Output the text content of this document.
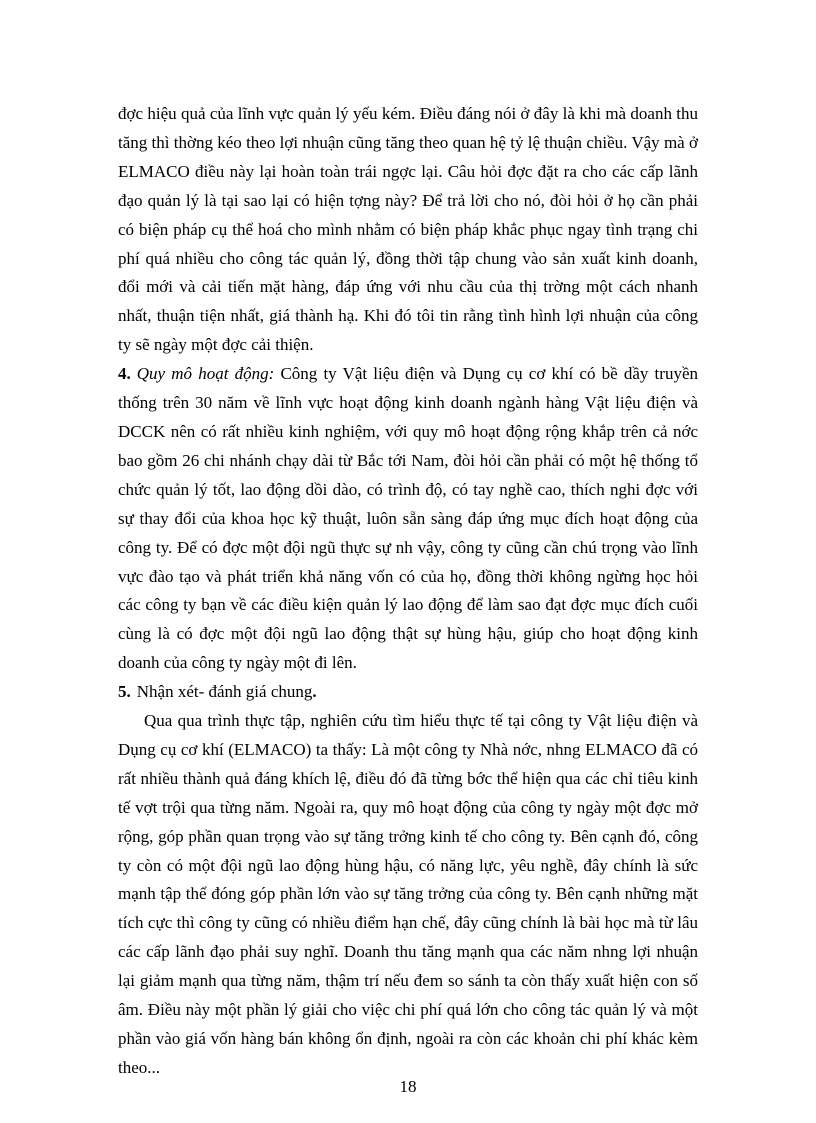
đợc hiệu quả của lĩnh vực quản lý yếu kém. Điều đáng nói ở đây là khi mà doanh thu tăng thì thờng kéo theo lợi nhuận cũng tăng theo quan hệ tỷ lệ thuận chiều. Vậy mà ở ELMACO điều này lại hoàn toàn trái ngợc lại. Câu hỏi đợc đặt ra cho các cấp lãnh đạo quản lý là tại sao lại có hiện tợng này? Để trả lời cho nó, đòi hỏi ở họ cần phải có biện pháp cụ thể hoá cho mình nhằm có biện pháp khắc phục ngay tình trạng chi phí quá nhiều cho công tác quản lý, đồng thời tập chung vào sản xuất kinh doanh, đổi mới và cải tiến mặt hàng, đáp ứng với nhu cầu của thị trờng một cách nhanh nhất, thuận tiện nhất, giá thành hạ. Khi đó tôi tin rằng tình hình lợi nhuận của công ty sẽ ngày một đợc cải thiện.

4. Quy mô hoạt động: Công ty Vật liệu điện và Dụng cụ cơ khí có bề dầy truyền thống trên 30 năm về lĩnh vực hoạt động kinh doanh ngành hàng Vật liệu điện và DCCK nên có rất nhiều kinh nghiệm, với quy mô hoạt động rộng khắp trên cả nớc bao gồm 26 chi nhánh chạy dài từ Bắc tới Nam, đòi hỏi cần phải có một hệ thống tổ chức quản lý tốt, lao động dồi dào, có trình độ, có tay nghề cao, thích nghi đợc với sự thay đổi của khoa học kỹ thuật, luôn sẵn sàng đáp ứng mục đích hoạt động của công ty. Để có đợc một đội ngũ thực sự nh vậy, công ty cũng cần chú trọng vào lĩnh vực đào tạo và phát triển khả năng vốn có của họ, đồng thời không ngừng học hỏi các công ty bạn về các điều kiện quản lý lao động để làm sao đạt đợc mục đích cuối cùng là có đợc một đội ngũ lao động thật sự hùng hậu, giúp cho hoạt động kinh doanh của công ty ngày một đi lên.

5. Nhận xét- đánh giá chung.

Qua qua trình thực tập, nghiên cứu tìm hiểu thực tế tại công ty Vật liệu điện và Dụng cụ cơ khí (ELMACO) ta thấy: Là một công ty Nhà nớc, nhng ELMACO đã có rất nhiều thành quả đáng khích lệ, điều đó đã từng bớc thể hiện qua các chỉ tiêu kinh tế vợt trội qua từng năm. Ngoài ra, quy mô hoạt động của công ty ngày một đợc mở rộng, góp phần quan trọng vào sự tăng trởng kinh tế cho công ty. Bên cạnh đó, công ty còn có một đội ngũ lao động hùng hậu, có năng lực, yêu nghề, đây chính là sức mạnh tập thể đóng góp phần lớn vào sự tăng trởng của công ty. Bên cạnh những mặt tích cực thì công ty cũng có nhiều điểm hạn chế, đây cũng chính là bài học mà từ lâu các cấp lãnh đạo phải suy nghĩ. Doanh thu tăng mạnh qua các năm nhng lợi nhuận lại giảm mạnh qua từng năm, thậm trí nếu đem so sánh ta còn thấy xuất hiện con số âm. Điều này một phần lý giải cho việc chi phí quá lớn cho công tác quản lý và một phần vào giá vốn hàng bán không ổn định, ngoài ra còn các khoản chi phí khác kèm theo...

18
